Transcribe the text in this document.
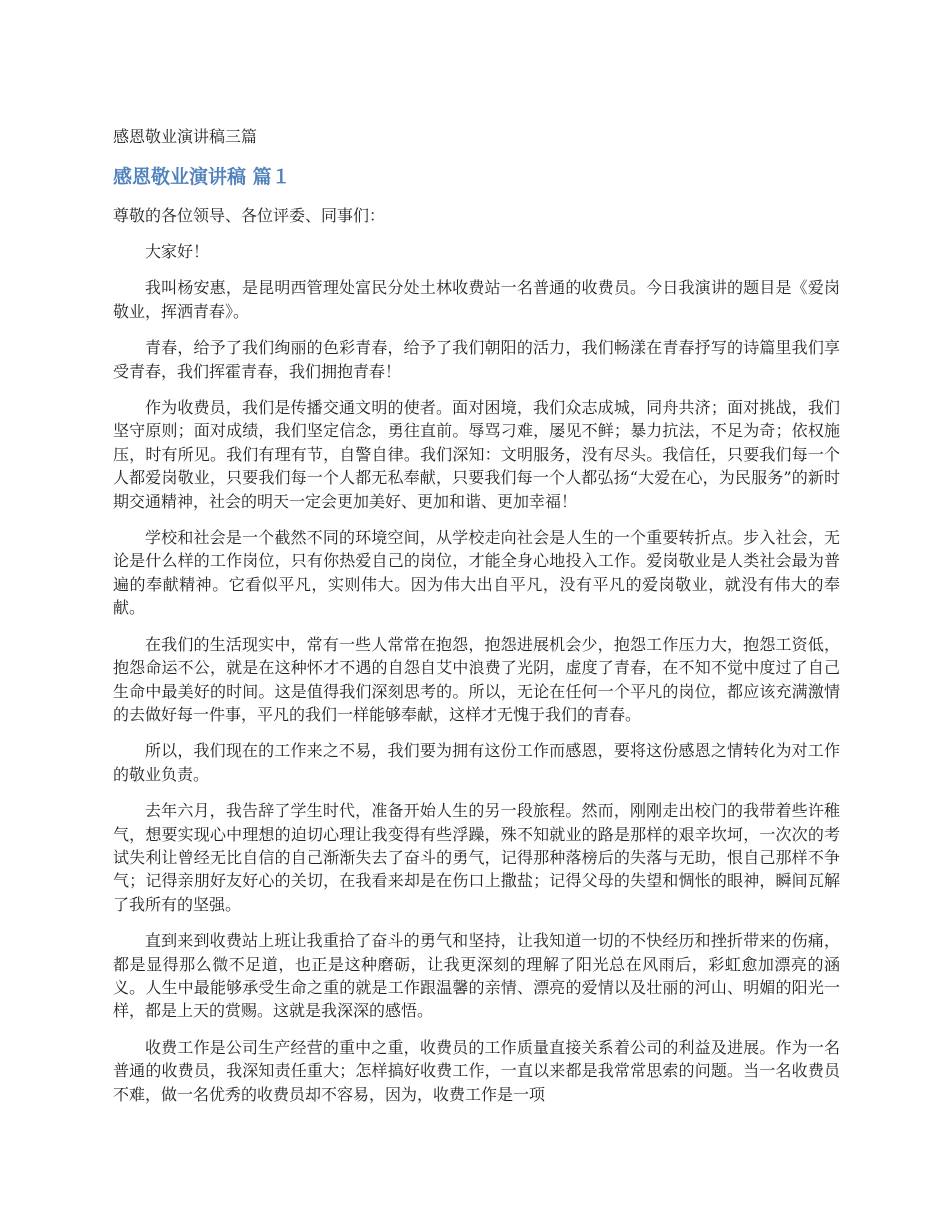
感恩敬业演讲稿三篇
感恩敬业演讲稿 篇１

尊敬的各位领导、各位评委、同事们：

大家好！

我叫杨安惠，是昆明西管理处富民分处土林收费站一名普通的收费员。今日我演讲的题目是《爱岗敬业，挥洒青春》。

青春，给予了我们绚丽的色彩青春，给予了我们朝阳的活力，我们畅漾在青春抒写的诗篇里我们享受青春，我们挥霍青春，我们拥抱青春！

作为收费员，我们是传播交通文明的使者。面对困境，我们众志成城，同舟共济；面对挑战，我们坚守原则；面对成绩，我们坚定信念，勇往直前。辱骂刁难，屡见不鲜；暴力抗法，不足为奇；依权施压，时有所见。我们有理有节，自警自律。我们深知：文明服务，没有尽头。我信任，只要我们每一个人都爱岗敬业，只要我们每一个人都无私奉献，只要我们每一个人都弘扬“大爱在心，为民服务”的新时期交通精神，社会的明天一定会更加美好、更加和谐、更加幸福！

学校和社会是一个截然不同的环境空间，从学校走向社会是人生的一个重要转折点。步入社会，无论是什么样的工作岗位，只有你热爱自己的岗位，才能全身心地投入工作。爱岗敬业是人类社会最为普遍的奉献精神。它看似平凡，实则伟大。因为伟大出自平凡，没有平凡的爱岗敬业，就没有伟大的奉献。

在我们的生活现实中，常有一些人常常在抱怨，抱怨进展机会少，抱怨工作压力大，抱怨工资低，抱怨命运不公，就是在这种怀才不遇的自怨自艾中浪费了光阴，虚度了青春，在不知不觉中度过了自己生命中最美好的时间。这是值得我们深刻思考的。所以，无论在任何一个平凡的岗位，都应该充满激情的去做好每一件事，平凡的我们一样能够奉献，这样才无愧于我们的青春。

所以，我们现在的工作来之不易，我们要为拥有这份工作而感恩，要将这份感恩之情转化为对工作的敬业负责。

去年六月，我告辞了学生时代，准备开始人生的另一段旅程。然而，刚刚走出校门的我带着些许稚气，想要实现心中理想的迫切心理让我变得有些浮躁，殊不知就业的路是那样的艰辛坎坷，一次次的考试失利让曾经无比自信的自己渐渐失去了奋斗的勇气，记得那种落榜后的失落与无助，恨自己那样不争气；记得亲朋好友好心的关切，在我看来却是在伤口上撒盐；记得父母的失望和惆怅的眼神，瞬间瓦解了我所有的坚强。

直到来到收费站上班让我重拾了奋斗的勇气和坚持，让我知道一切的不快经历和挫折带来的伤痛，都是显得那么微不足道，也正是这种磨砺，让我更深刻的理解了阳光总在风雨后，彩虹愈加漂亮的涵义。人生中最能够承受生命之重的就是工作跟温馨的亲情、漂亮的爱情以及壮丽的河山、明媚的阳光一样，都是上天的赏赐。这就是我深深的感悟。

收费工作是公司生产经营的重中之重，收费员的工作质量直接关系着公司的利益及进展。作为一名普通的收费员，我深知责任重大；怎样搞好收费工作，一直以来都是我常常思索的问题。当一名收费员不难，做一名优秀的收费员却不容易，因为，收费工作是一项
